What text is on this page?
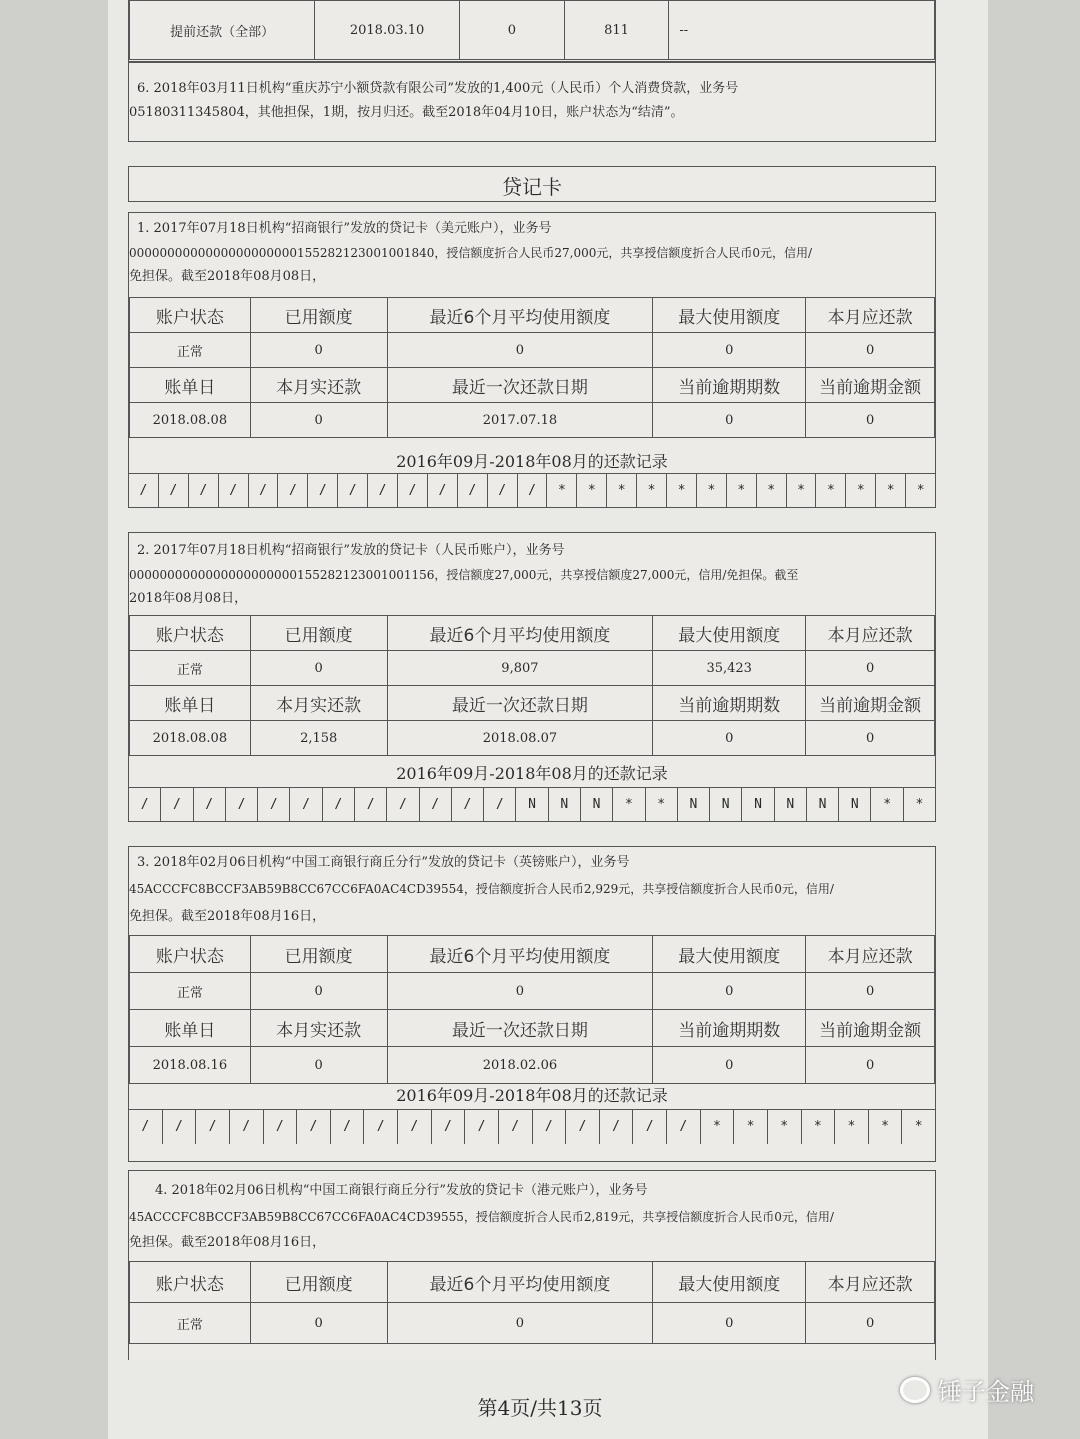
提前还款（全部）	2018.03.10	0	811	--
6. 2018年03月11日机构“重庆苏宁小额贷款有限公司”发放的1,400元（人民币）个人消费贷款，业务号
05180311345804，其他担保，1期，按月归还。截至2018年04月10日，账户状态为“结清”。
贷记卡
1. 2017年07月18日机构“招商银行”发放的贷记卡（美元账户），业务号
0000000000000000000000155282123001001840，授信额度折合人民币27,000元，共享授信额度折合人民币0元，信用/
免担保。截至2018年08月08日，
账户状态	已用额度	最近6个月平均使用额度	最大使用额度	本月应还款
正常	0	0	0	0
账单日	本月实还款	最近一次还款日期	当前逾期期数	当前逾期金额
2018.08.08	0	2017.07.18	0	0
2016年09月-2018年08月的还款记录
/	/	/	/	/	/	/	/	/	/	/	/	/	/	*	*	*	*	*	*	*	*	*	*	*	*	*
2. 2017年07月18日机构“招商银行”发放的贷记卡（人民币账户），业务号
0000000000000000000000155282123001001156，授信额度27,000元，共享授信额度27,000元，信用/免担保。截至
2018年08月08日，
账户状态	已用额度	最近6个月平均使用额度	最大使用额度	本月应还款
正常	0	9,807	35,423	0
账单日	本月实还款	最近一次还款日期	当前逾期期数	当前逾期金额
2018.08.08	2,158	2018.08.07	0	0
2016年09月-2018年08月的还款记录
/	/	/	/	/	/	/	/	/	/	/	/	N	N	N	*	*	N	N	N	N	N	N	*	*
3. 2018年02月06日机构“中国工商银行商丘分行”发放的贷记卡（英镑账户），业务号
45ACCCFC8BCCF3AB59B8CC67CC6FA0AC4CD39554，授信额度折合人民币2,929元，共享授信额度折合人民币0元，信用/
免担保。截至2018年08月16日，
账户状态	已用额度	最近6个月平均使用额度	最大使用额度	本月应还款
正常	0	0	0	0
账单日	本月实还款	最近一次还款日期	当前逾期期数	当前逾期金额
2018.08.16	0	2018.02.06	0	0
2016年09月-2018年08月的还款记录
/	/	/	/	/	/	/	/	/	/	/	/	/	/	/	/	/	*	*	*	*	*	*	*
4. 2018年02月06日机构“中国工商银行商丘分行”发放的贷记卡（港元账户），业务号
45ACCCFC8BCCF3AB59B8CC67CC6FA0AC4CD39555，授信额度折合人民币2,819元，共享授信额度折合人民币0元，信用/
免担保。截至2018年08月16日，
账户状态	已用额度	最近6个月平均使用额度	最大使用额度	本月应还款
正常	0	0	0	0
第4页/共13页
锤子金融
